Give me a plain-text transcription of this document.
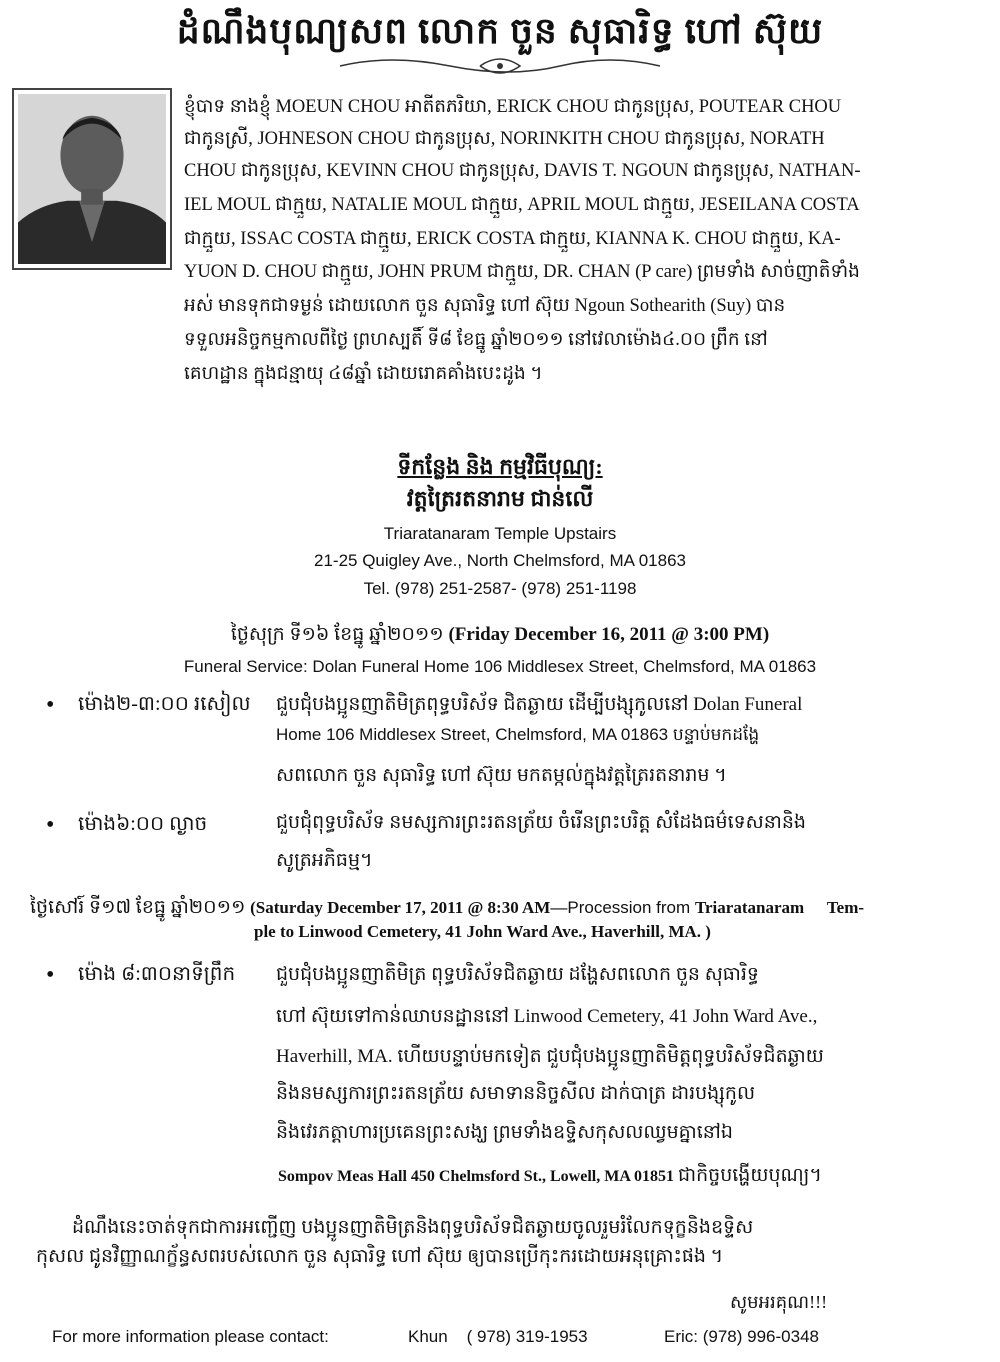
ដំណឹងបុណ្យសព លោក ចួន សុធារិទ្ធ ហៅ ស៊ុយ
ខ្ញុំបាទ នាងខ្ញុំ MOEUN CHOU អាតីតភរិយា, ERICK CHOU ជាកូនប្រុស, POUTEAR CHOU
ជាកូនស្រី, JOHNESON CHOU ជាកូនប្រុស, NORINKITH CHOU ជាកូនប្រុស, NORATH
CHOU ជាកូនប្រុស, KEVINN CHOU ជាកូនប្រុស, DAVIS T. NGOUN ជាកូនប្រុស, NATHAN-
IEL MOUL ជាក្មួយ, NATALIE MOUL ជាក្មួយ, APRIL MOUL ជាក្មួយ, JESEILANA COSTA
ជាក្មួយ, ISSAC COSTA ជាក្មួយ, ERICK COSTA ជាក្មួយ, KIANNA K. CHOU ជាក្មួយ, KA-
YUON D. CHOU ជាក្មួយ, JOHN PRUM ជាក្មួយ, DR. CHAN (P care) ព្រមទាំង សាច់ញាតិទាំង
អស់ មានទុកជាទម្ងន់ ដោយលោក ចួន សុធារិទ្ធ ហៅ ស៊ុយ Ngoun Sothearith (Suy) បាន
ទទួលអនិច្ចកម្មកាលពីថ្ងៃ ព្រហស្បតិ៍ ទី៨ ខែធ្នូ ឆ្នាំ២០១១ នៅវេលាម៉ោង៤.០០ ព្រឹក នៅ
គេហដ្ឋាន ក្នុងជន្មាយុ ៤៨ឆ្នាំ ដោយរោគគាំងបេះដូង ។
ទីកន្លែង និង កម្មវិធីបុណ្យ:
វត្តត្រៃរតនារាម ជាន់លើ
Triaratanaram Temple Upstairs
21-25 Quigley Ave., North Chelmsford, MA 01863
Tel. (978) 251-2587- (978) 251-1198
ថ្ងៃសុក្រ ទី១៦ ខែធ្នូ ឆ្នាំ២០១១ (Friday December 16, 2011 @ 3:00 PM)
Funeral Service: Dolan Funeral Home 106 Middlesex Street, Chelmsford, MA 01863
• ម៉ោង២-៣:០០ រសៀល ជួបជុំបងប្អូនញាតិមិត្រពុទ្ធបរិស័ទ ជិតឆ្ងាយ ដើម្បីបង្សុកូលនៅ Dolan Funeral
Home 106 Middlesex Street, Chelmsford, MA 01863 បន្ទាប់មកដង្ហែ
សពលោក ចួន សុធារិទ្ធ ហៅ ស៊ុយ មកតម្កល់ក្នុងវត្តត្រៃរតនារាម ។
• ម៉ោង៦:០០ ល្ងាច	ជួបជុំពុទ្ធបរិស័ទ នមស្សការព្រះរតនត្រ័យ ចំរើនព្រះបរិត្ត សំដែងធម៌ទេសនានិង
សូត្រអភិធម្ម។
ថ្ងៃសៅរ៍ ទី១៧ ខែធ្នូ ឆ្នាំ២០១១ (Saturday December 17, 2011 @ 8:30 AM—Procession from Triaratanaram Tem-
ple to Linwood Cemetery, 41 John Ward Ave., Haverhill, MA. )
• ម៉ោង ៨:៣០នាទីព្រឹក ជួបជុំបងប្អូនញាតិមិត្រ ពុទ្ធបរិស័ទជិតឆ្ងាយ ដង្ហែសពលោក ចួន សុធារិទ្ធ
ហៅ ស៊ុយទៅកាន់ឈាបនដ្ឋាននៅ Linwood Cemetery, 41 John Ward Ave.,
Haverhill, MA. ហើយបន្ទាប់មកទៀត ជួបជុំបងប្អូនញាតិមិត្តពុទ្ធបរិស័ទជិតឆ្ងាយ
និងនមស្សការព្រះរតនត្រ័យ សមាទាននិច្ចសីល ដាក់បាត្រ ដារបង្សុកូល
និងវេរភត្តាហារប្រគេនព្រះសង្ឃ ព្រមទាំងឧទ្ទិសកុសលឈ្វមគ្នានៅឯ
Sompov Meas Hall 450 Chelmsford St., Lowell, MA 01851 ជាកិច្ចបង្ហើយបុណ្យ។
ដំណឹងនេះចាត់ទុកជាការអញ្ជើញ បងប្អូនញាតិមិត្រនិងពុទ្ធបរិស័ទជិតឆ្ងាយចូលរួមរំលែកទុក្ខនិងឧទ្ទិស
កុសល ជូនវិញ្ញាណក្ខ័ន្ធសពរបស់លោក ចួន សុធារិទ្ធ ហៅ ស៊ុយ ឲ្យបានប្រើកុះករដោយអនុគ្រោះផង ។
សូមអរគុណ!!!
For more information please contact:	Khun    ( 978) 319-1953	Eric: (978) 996-0348
